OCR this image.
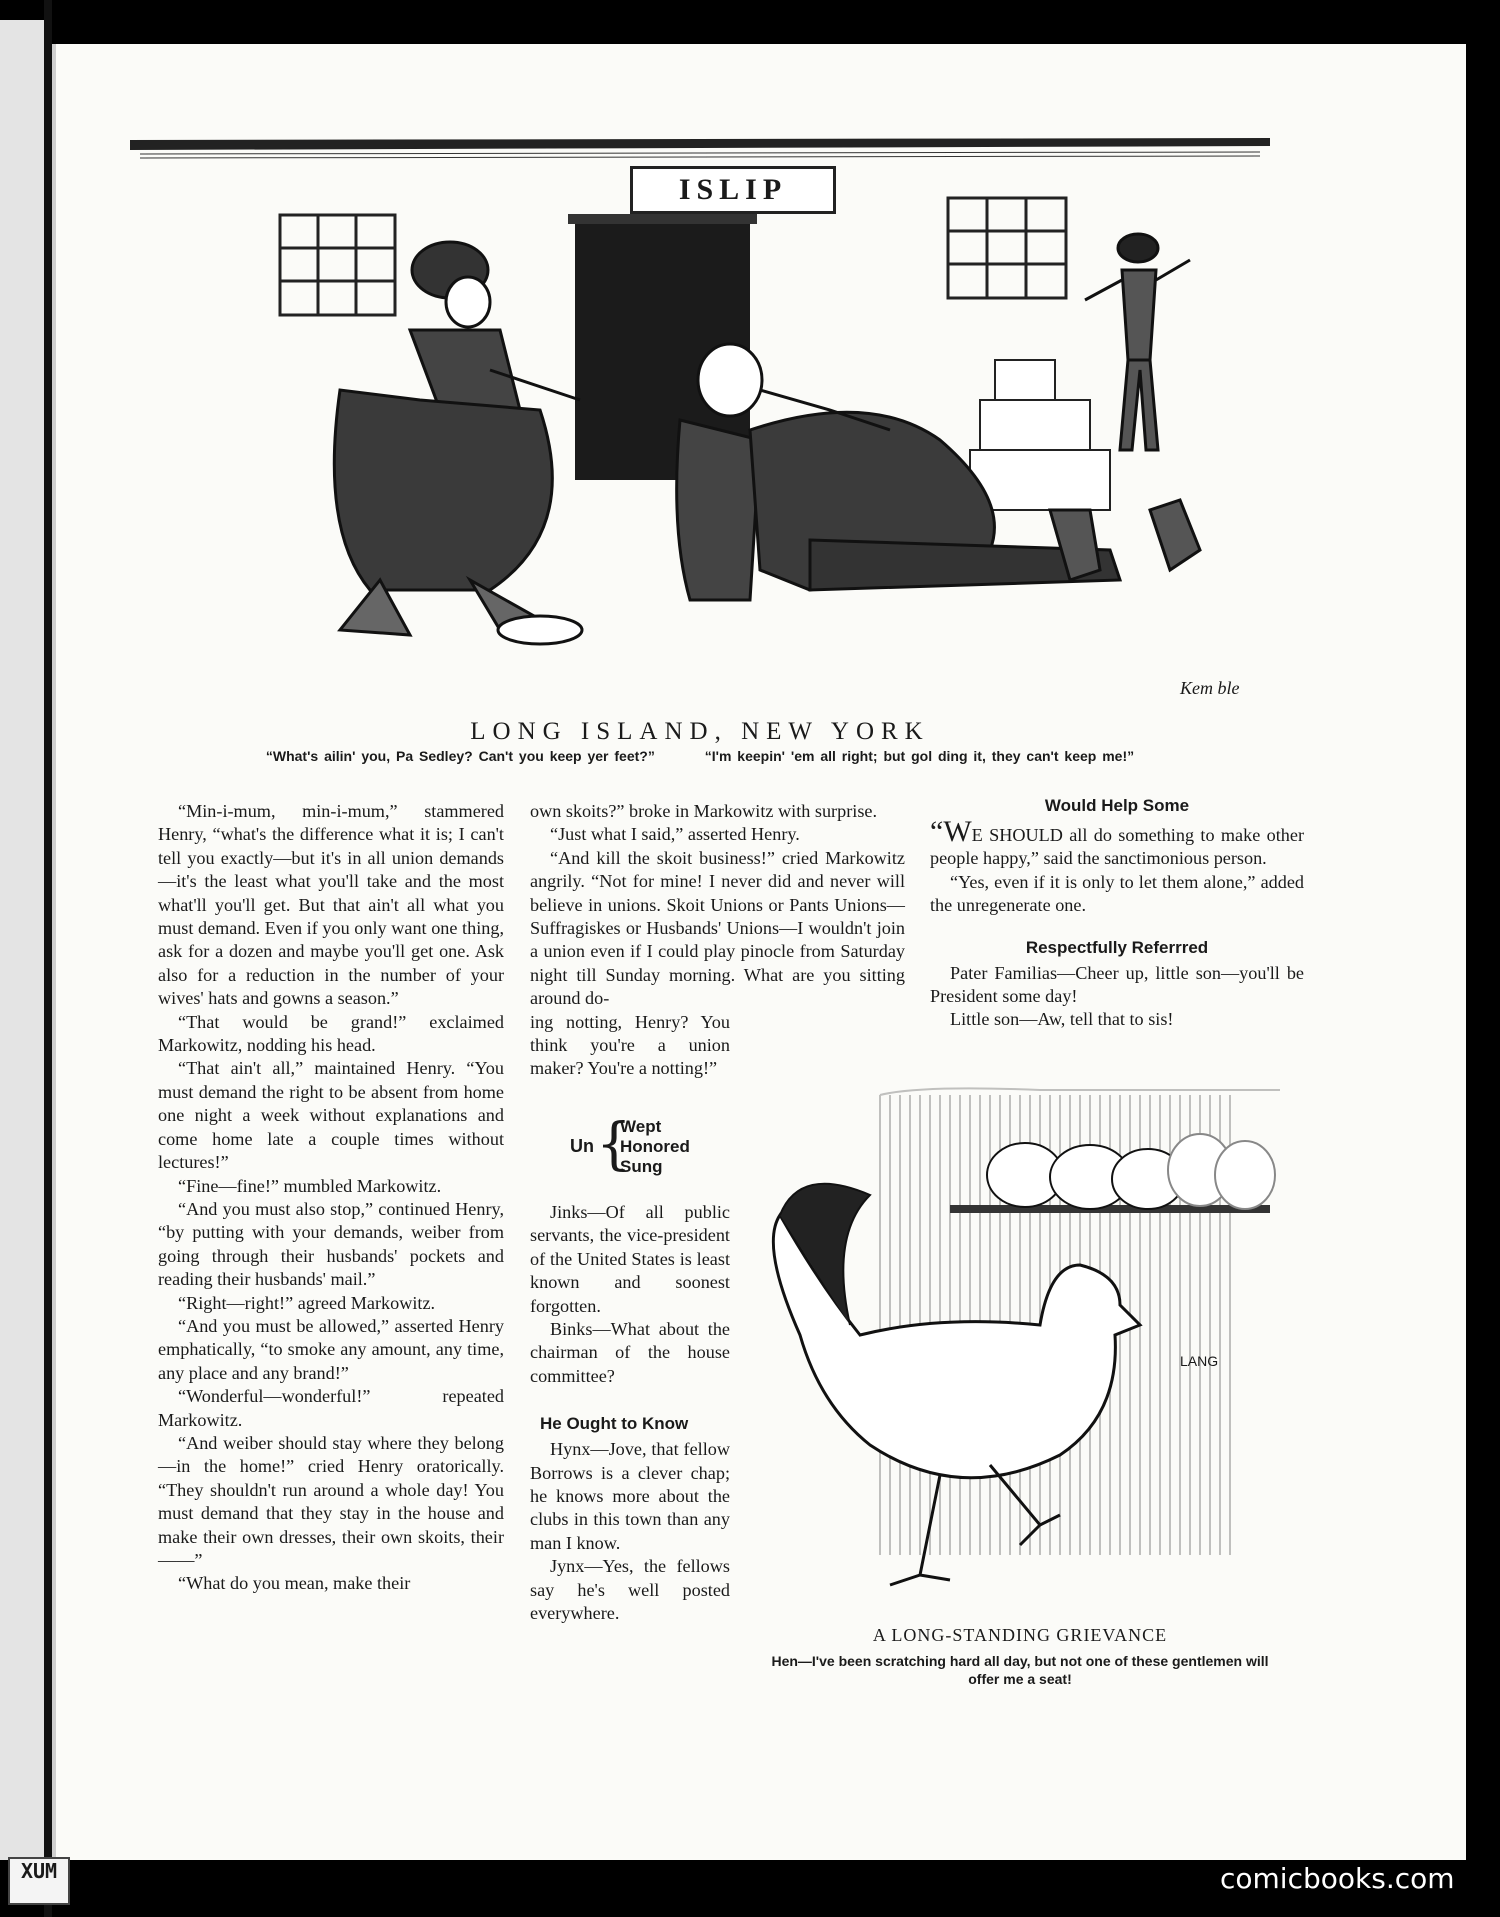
ISLIP
Kem ble
LONG ISLAND, NEW YORK
“What's ailin' you, Pa Sedley? Can't you keep yer feet?”	“I'm keepin' 'em all right; but gol ding it, they can't keep me!”

“Min-i-mum, min-i-mum,” stammered Henry, “what's the difference what it is; I can't tell you exactly—but it's in all union demands—it's the least what you'll take and the most what'll you'll get. But that ain't all what you must demand. Even if you only want one thing, ask for a dozen and maybe you'll get one. Ask also for a reduction in the number of your wives' hats and gowns a season.”

“That would be grand!” exclaimed Markowitz, nodding his head.

“That ain't all,” maintained Henry. “You must demand the right to be absent from home one night a week without explanations and come home late a couple times without lectures!”

“Fine—fine!” mumbled Markowitz.

“And you must also stop,” continued Henry, “by putting with your demands, weiber from going through their husbands' pockets and reading their husbands' mail.”

“Right—right!” agreed Markowitz.

“And you must be allowed,” asserted Henry emphatically, “to smoke any amount, any time, any place and any brand!”

“Wonderful—wonderful!” repeated Markowitz.

“And weiber should stay where they belong—in the home!” cried Henry oratorically. “They shouldn't run around a whole day! You must demand that they stay in the house and make their own dresses, their own skoits, their——”

“What do you mean, make their

own skoits?” broke in Markowitz with surprise.

“Just what I said,” asserted Henry.

“And kill the skoit business!” cried Markowitz angrily. “Not for mine! I never did and never will believe in unions. Skoit Unions or Pants Unions—Suffragiskes or Husbands' Unions—I wouldn't join a union even if I could play pinocle from Saturday night till Sunday morning. What are you sitting around do-

ing notting, Henry? You think you're a union maker? You're a notting!”

Un {
Wept
Honored
Sung

Jinks—Of all public servants, the vice-president of the United States is least known and soonest forgotten.

Binks—What about the chairman of the house committee?

He Ought to Know

Hynx—Jove, that fellow Borrows is a clever chap; he knows more about the clubs in this town than any man I know.

Jynx—Yes, the fellows say he's well posted everywhere.

Would Help Some

“WE SHOULD all do something to make other people happy,” said the sanctimonious person.

“Yes, even if it is only to let them alone,” added the unregenerate one.

Respectfully Referrred

Pater Familias—Cheer up, little son—you'll be President some day!

Little son—Aw, tell that to sis!

LANG
A LONG-STANDING GRIEVANCE
Hen—I've been scratching hard all day, but not one of these gentlemen will offer me a seat!
XUM	comicbooks.com
